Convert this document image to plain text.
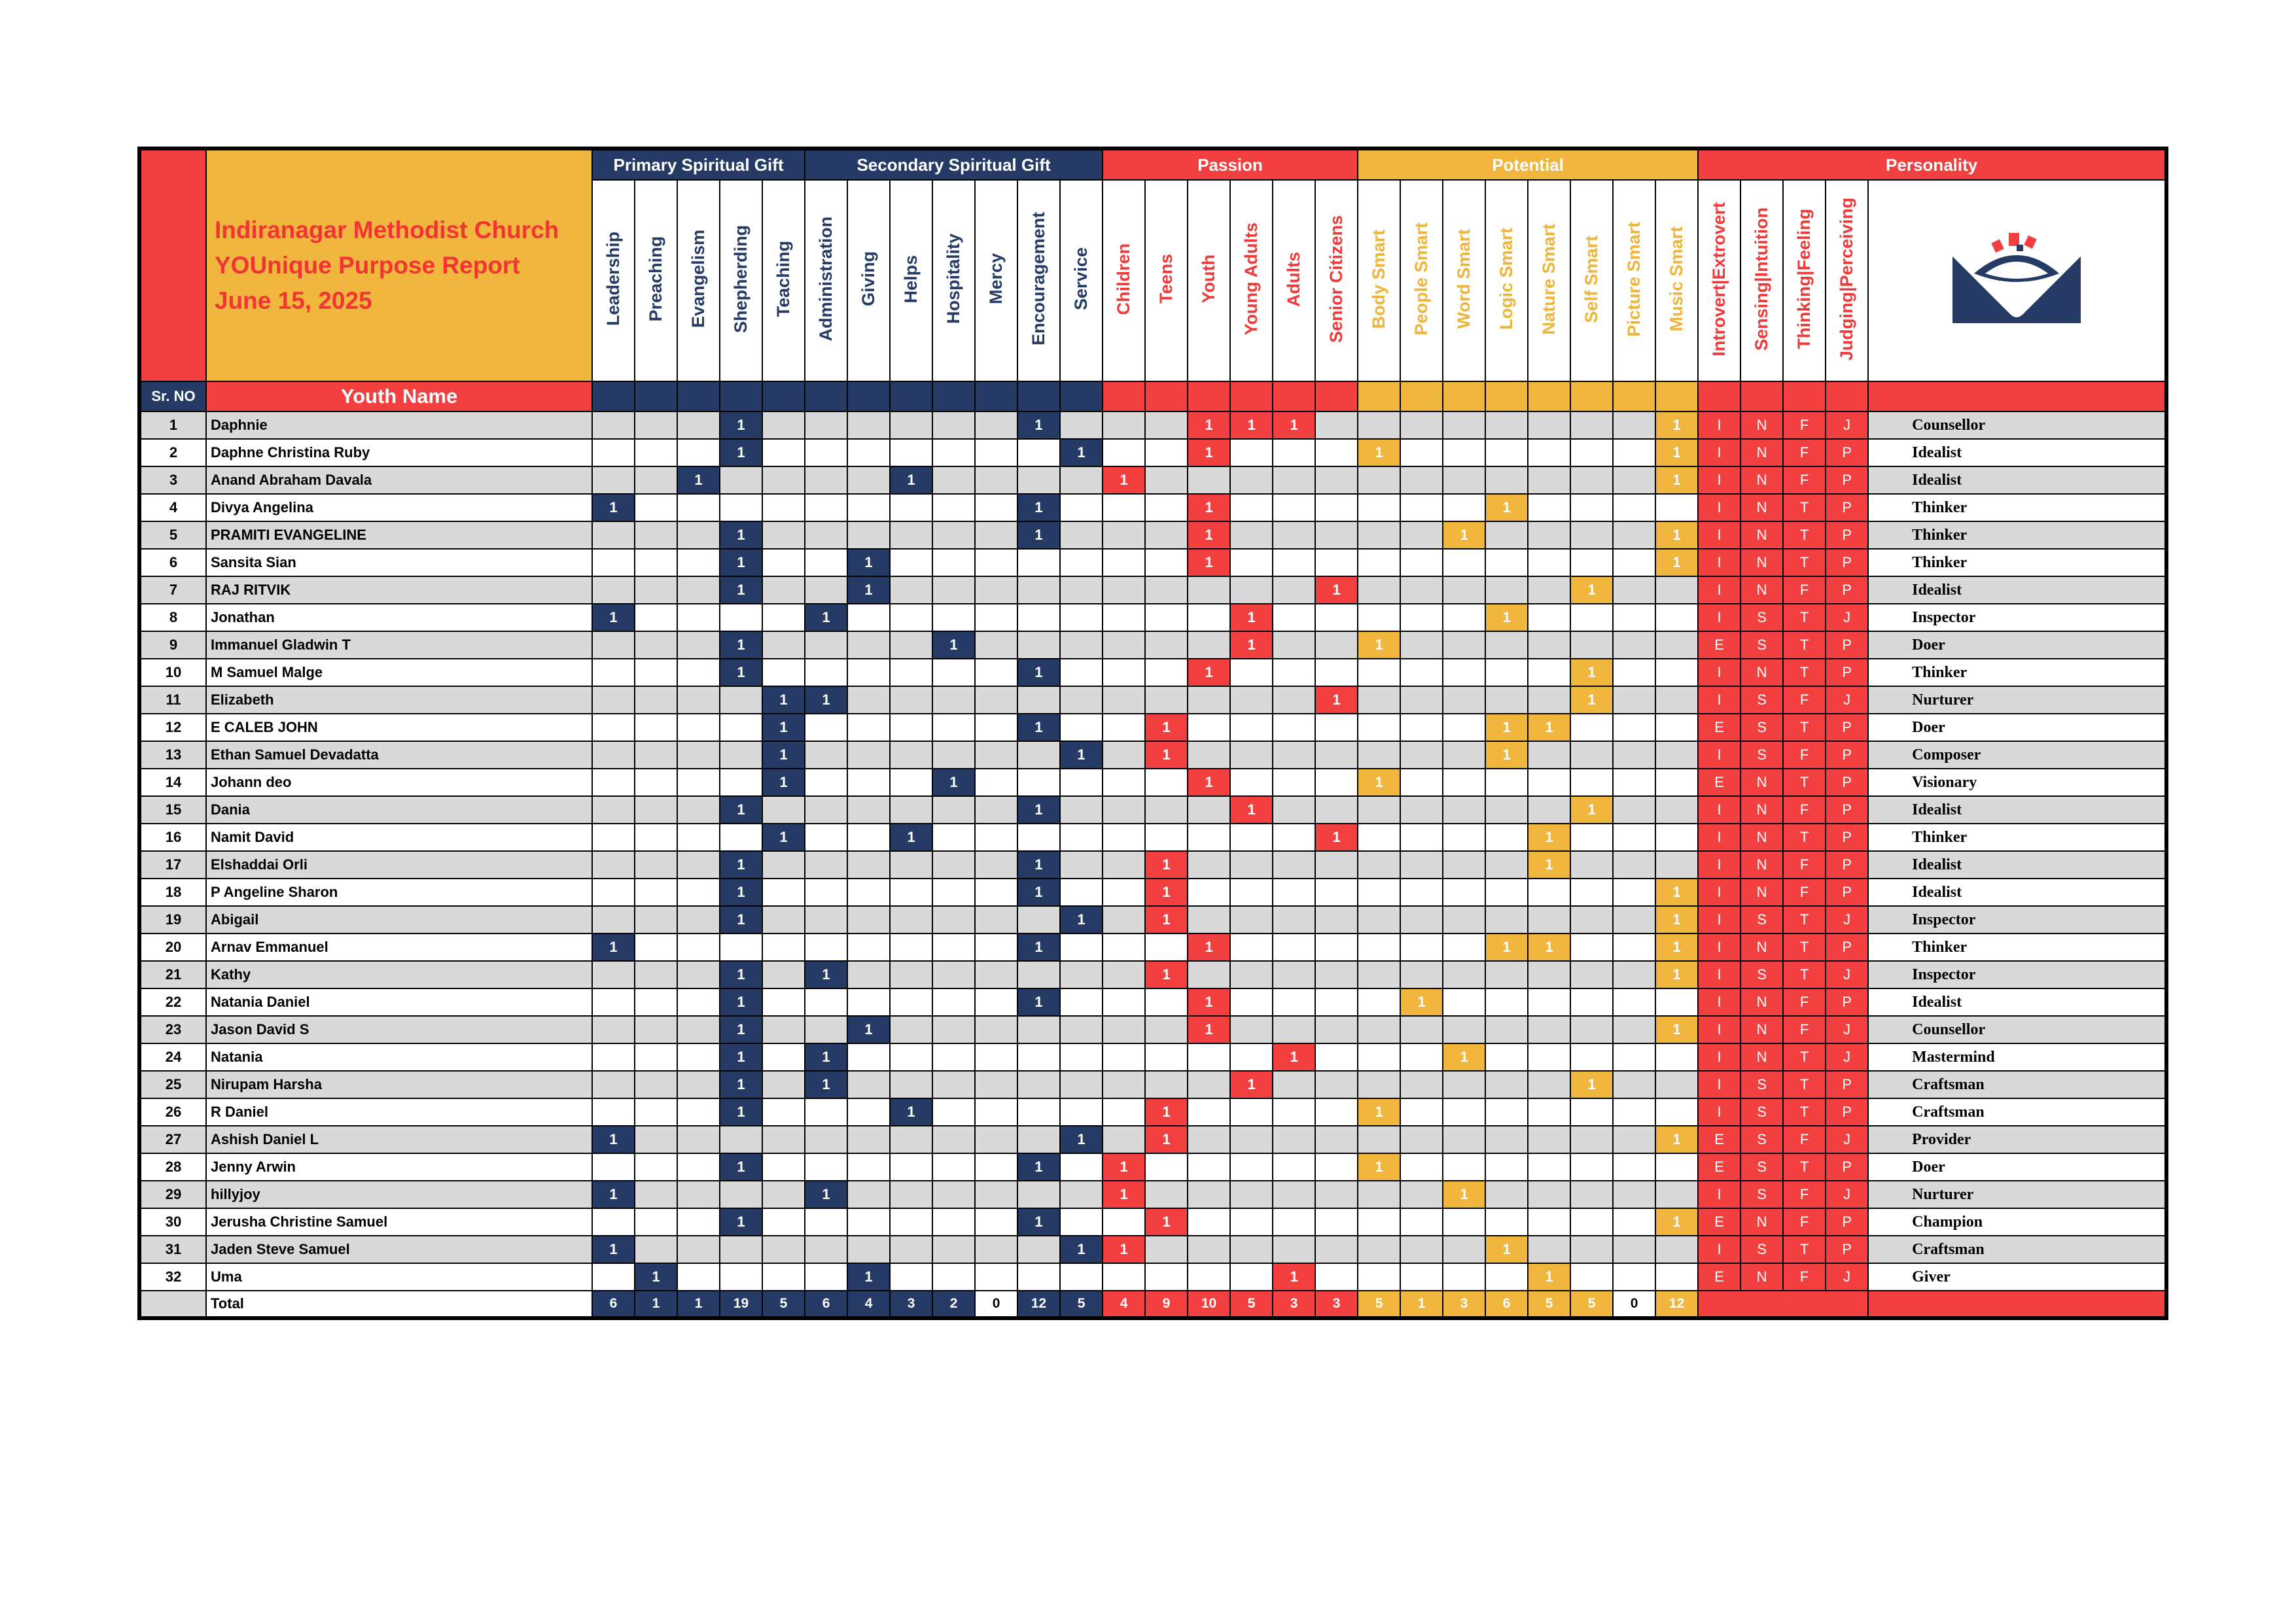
	Indiranagar Methodist Church
YOUnique Purpose Report
June 15, 2025	Primary Spiritual Gift					Secondary Spiritual Gift							Passion						Potential								Personality				
		Leadership	Preaching	Evangelism	Shepherding	Teaching	Administration	Giving	Helps	Hospitality	Mercy	Encouragement	Service	Children	Teens	Youth	Young Adults	Adults	Senior Citizens	Body Smart	People Smart	Word Smart	Logic Smart	Nature Smart	Self Smart	Picture Smart	Music Smart	Introvert|Extrovert	Sensing|Intuition	Thinking|Feeling	Judging|Perceiving	
Sr. NO	Youth Name																															
1	Daphnie				1							1				1	1	1									1	I	N	F	J	Counsellor
2	Daphne Christina Ruby				1								1			1				1							1	I	N	F	P	Idealist
3	Anand Abraham Davala			1					1					1													1	I	N	F	P	Idealist
4	Divya Angelina	1										1				1							1					I	N	T	P	Thinker
5	PRAMITI EVANGELINE				1							1				1						1					1	I	N	T	P	Thinker
6	Sansita Sian				1			1								1											1	I	N	T	P	Thinker
7	RAJ RITVIK				1			1											1						1			I	N	F	P	Idealist
8	Jonathan	1					1										1						1					I	S	T	J	Inspector
9	Immanuel Gladwin T				1					1							1			1								E	S	T	P	Doer
10	M Samuel Malge				1							1				1									1			I	N	T	P	Thinker
11	Elizabeth					1	1												1						1			I	S	F	J	Nurturer
12	E CALEB JOHN					1						1			1								1	1				E	S	T	P	Doer
13	Ethan Samuel Devadatta					1							1		1								1					I	S	F	P	Composer
14	Johann deo					1				1						1				1								E	N	T	P	Visionary
15	Dania				1							1					1								1			I	N	F	P	Idealist
16	Namit David					1			1										1					1				I	N	T	P	Thinker
17	Elshaddai Orli				1							1			1									1				I	N	F	P	Idealist
18	P Angeline Sharon				1							1			1												1	I	N	F	P	Idealist
19	Abigail				1								1		1												1	I	S	T	J	Inspector
20	Arnav Emmanuel	1										1				1							1	1			1	I	N	T	P	Thinker
21	Kathy				1		1								1												1	I	S	T	J	Inspector
22	Natania Daniel				1							1				1					1							I	N	F	P	Idealist
23	Jason David S				1			1								1											1	I	N	F	J	Counsellor
24	Natania				1		1											1				1						I	N	T	J	Mastermind
25	Nirupam Harsha				1		1										1								1			I	S	T	P	Craftsman
26	R Daniel				1				1						1					1								I	S	T	P	Craftsman
27	Ashish Daniel L	1											1		1												1	E	S	F	J	Provider
28	Jenny Arwin				1							1		1						1								E	S	T	P	Doer
29	hillyjoy	1					1							1								1						I	S	F	J	Nurturer
30	Jerusha Christine Samuel				1							1			1												1	E	N	F	P	Champion
31	Jaden Steve Samuel	1											1	1									1					I	S	T	P	Craftsman
32	Uma		1					1										1						1				E	N	F	J	Giver
	Total	6	1	1	19	5	6	4	3	2	0	12	5	4	9	10	5	3	3	5	1	3	6	5	5	0	12					
